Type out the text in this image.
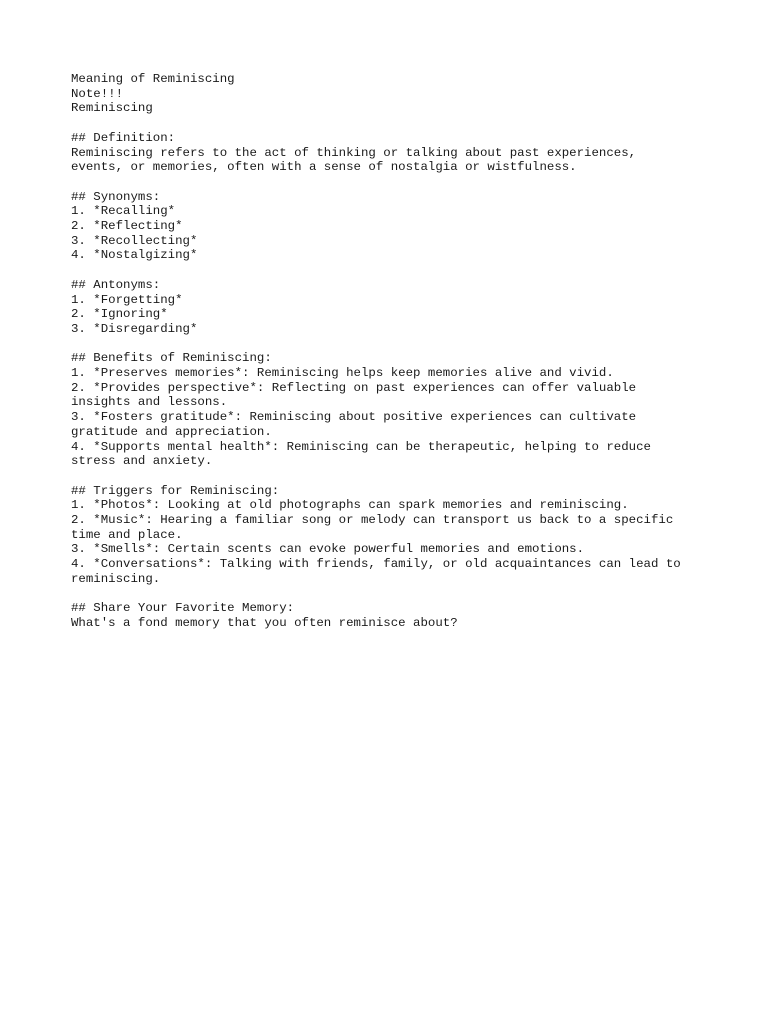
Meaning of Reminiscing
Note!!!
Reminiscing
## Definition:
Reminiscing refers to the act of thinking or talking about past experiences,
events, or memories, often with a sense of nostalgia or wistfulness.
## Synonyms:
1. *Recalling*
2. *Reflecting*
3. *Recollecting*
4. *Nostalgizing*
## Antonyms:
1. *Forgetting*
2. *Ignoring*
3. *Disregarding*
## Benefits of Reminiscing:
1. *Preserves memories*: Reminiscing helps keep memories alive and vivid.
2. *Provides perspective*: Reflecting on past experiences can offer valuable
insights and lessons.
3. *Fosters gratitude*: Reminiscing about positive experiences can cultivate
gratitude and appreciation.
4. *Supports mental health*: Reminiscing can be therapeutic, helping to reduce
stress and anxiety.
## Triggers for Reminiscing:
1. *Photos*: Looking at old photographs can spark memories and reminiscing.
2. *Music*: Hearing a familiar song or melody can transport us back to a specific
time and place.
3. *Smells*: Certain scents can evoke powerful memories and emotions.
4. *Conversations*: Talking with friends, family, or old acquaintances can lead to
reminiscing.
## Share Your Favorite Memory:
What's a fond memory that you often reminisce about?
